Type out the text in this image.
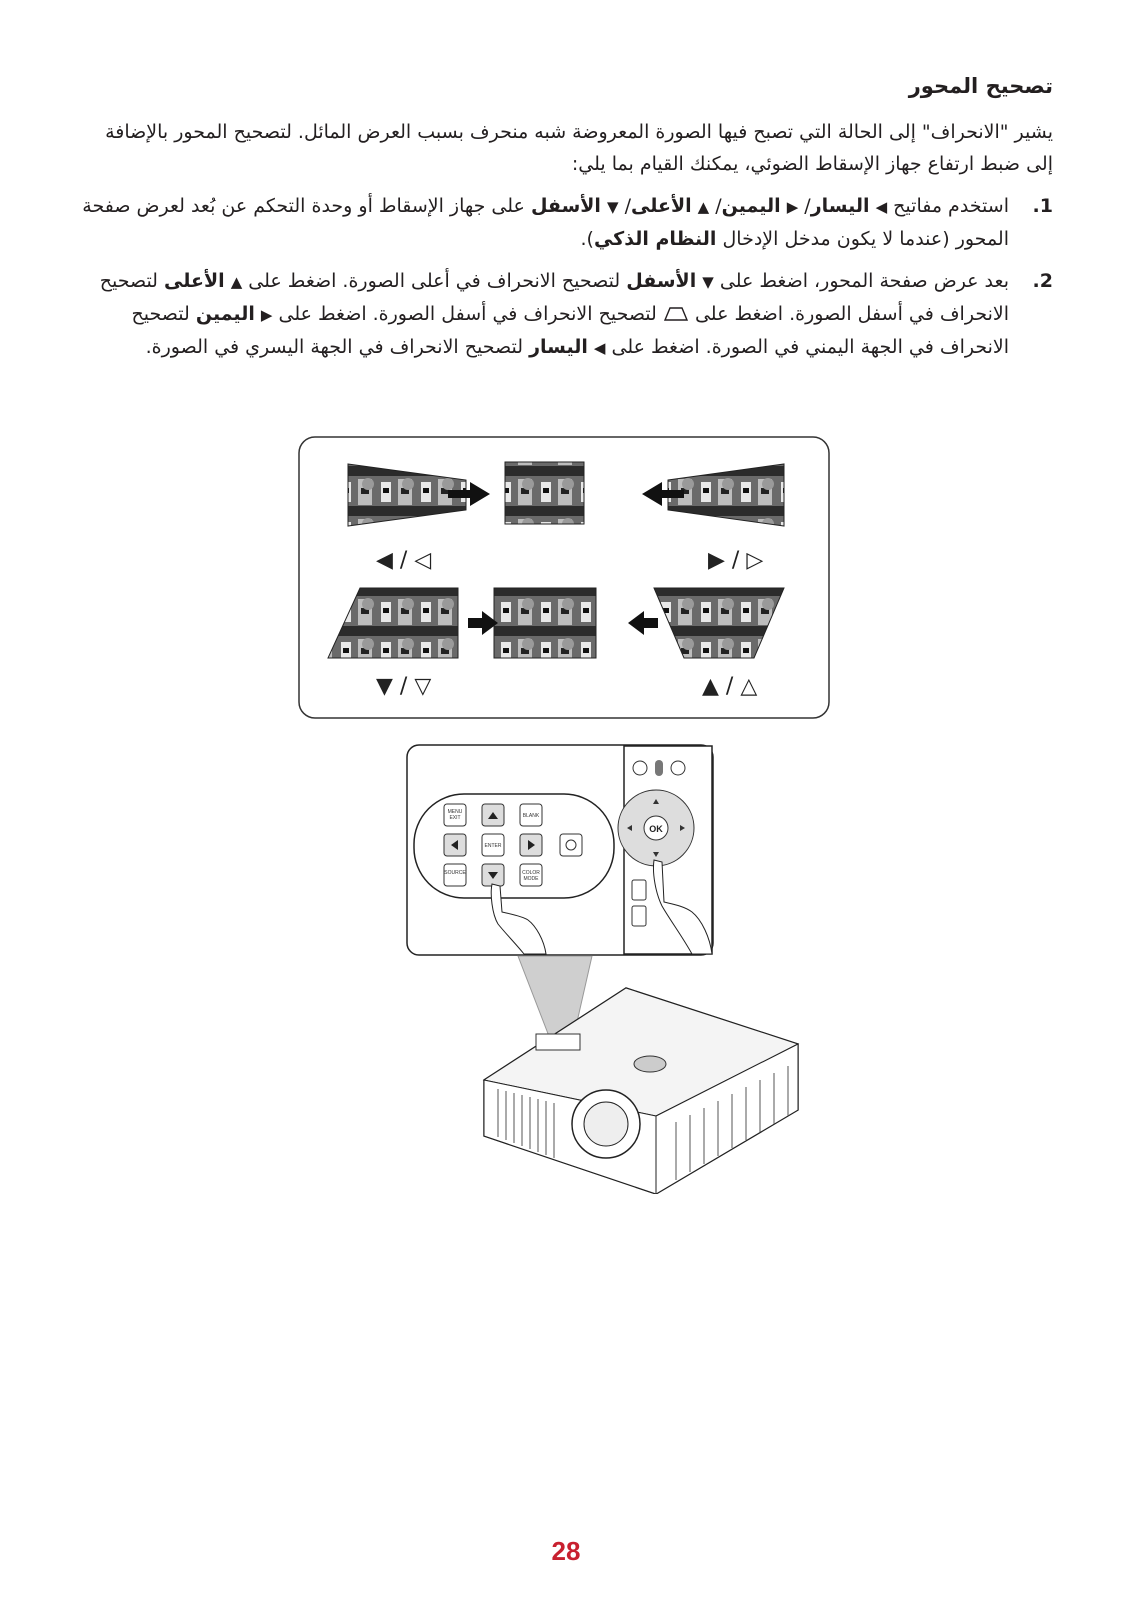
تصحيح المحور

يشير "الانحراف" إلى الحالة التي تصبح فيها الصورة المعروضة شبه منحرف بسبب العرض المائل. لتصحيح المحور بالإضافة إلى ضبط ارتفاع جهاز الإسقاط الضوئي، يمكنك القيام بما يلي:

1.
استخدم مفاتيح ◀ اليسار/ ▶ اليمين/ ▲ الأعلى/ ▼ الأسفل على جهاز الإسقاط أو وحدة التحكم عن بُعد لعرض صفحة المحور (عندما لا يكون مدخل الإدخال النظام الذكي).
2.
بعد عرض صفحة المحور، اضغط على ▼ الأسفل لتصحيح الانحراف في أعلى الصورة. اضغط على ▲ الأعلى لتصحيح الانحراف في أسفل الصورة. اضغط على  لتصحيح الانحراف في أسفل الصورة. اضغط على ▶ اليمين لتصحيح الانحراف في الجهة اليمني في الصورة. اضغط على ◀ اليسار لتصحيح الانحراف في الجهة اليسري في الصورة.
◀ / ◁	▶ / ▷
▼ / ▽	▲ / △
MENU
EXIT	BLANK
ENTER
SOURCE	COLOR
MODE
OK

28
